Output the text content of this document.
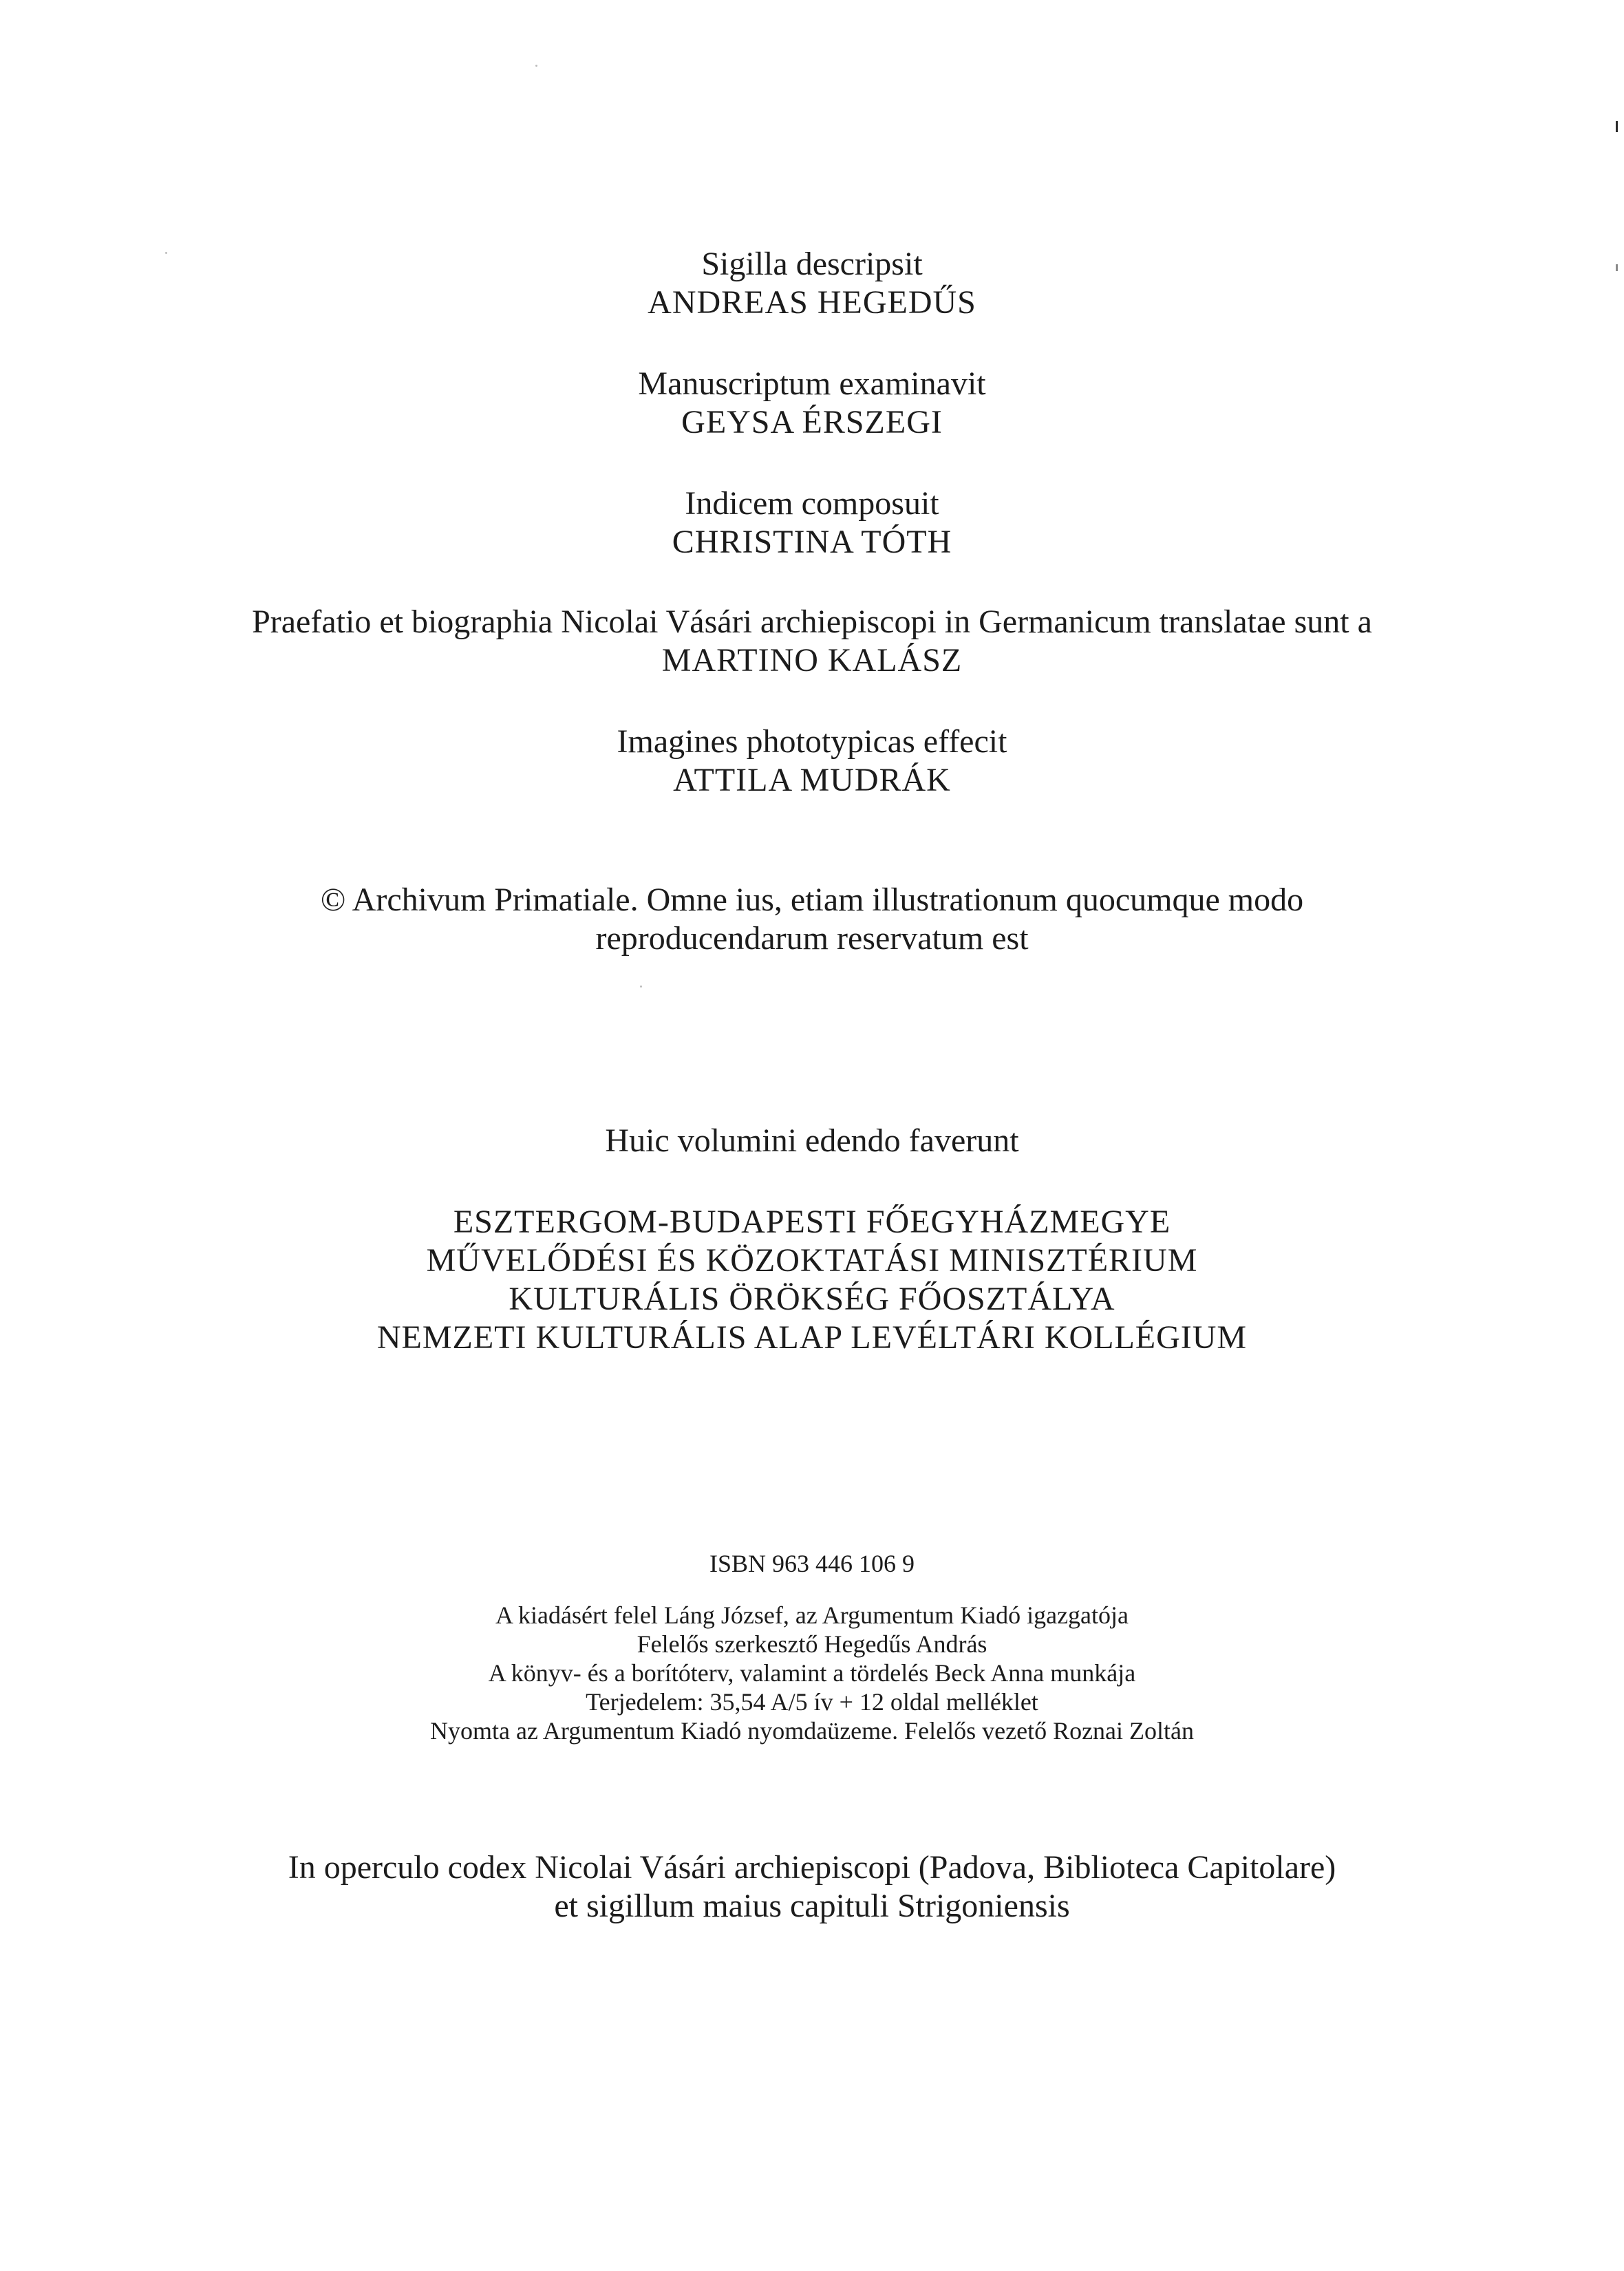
Sigilla descripsit
ANDREAS HEGEDŰS
Manuscriptum examinavit
GEYSA ÉRSZEGI
Indicem composuit
CHRISTINA TÓTH
Praefatio et biographia Nicolai Vásári archiepiscopi in Germanicum translatae sunt a
MARTINO KALÁSZ
Imagines phototypicas effecit
ATTILA MUDRÁK
© Archivum Primatiale. Omne ius, etiam illustrationum quocumque modo
reproducendarum reservatum est
Huic volumini edendo faverunt
ESZTERGOM-BUDAPESTI FŐEGYHÁZMEGYE
MŰVELŐDÉSI ÉS KÖZOKTATÁSI MINISZTÉRIUM
KULTURÁLIS ÖRÖKSÉG FŐOSZTÁLYA
NEMZETI KULTURÁLIS ALAP LEVÉLTÁRI KOLLÉGIUM
ISBN 963 446 106 9
A kiadásért felel Láng József, az Argumentum Kiadó igazgatója
Felelős szerkesztő Hegedűs András
A könyv- és a borítóterv, valamint a tördelés Beck Anna munkája
Terjedelem: 35,54 A/5 ív + 12 oldal melléklet
Nyomta az Argumentum Kiadó nyomdaüzeme. Felelős vezető Roznai Zoltán
In operculo codex Nicolai Vásári archiepiscopi (Padova, Biblioteca Capitolare)
et sigillum maius capituli Strigoniensis
